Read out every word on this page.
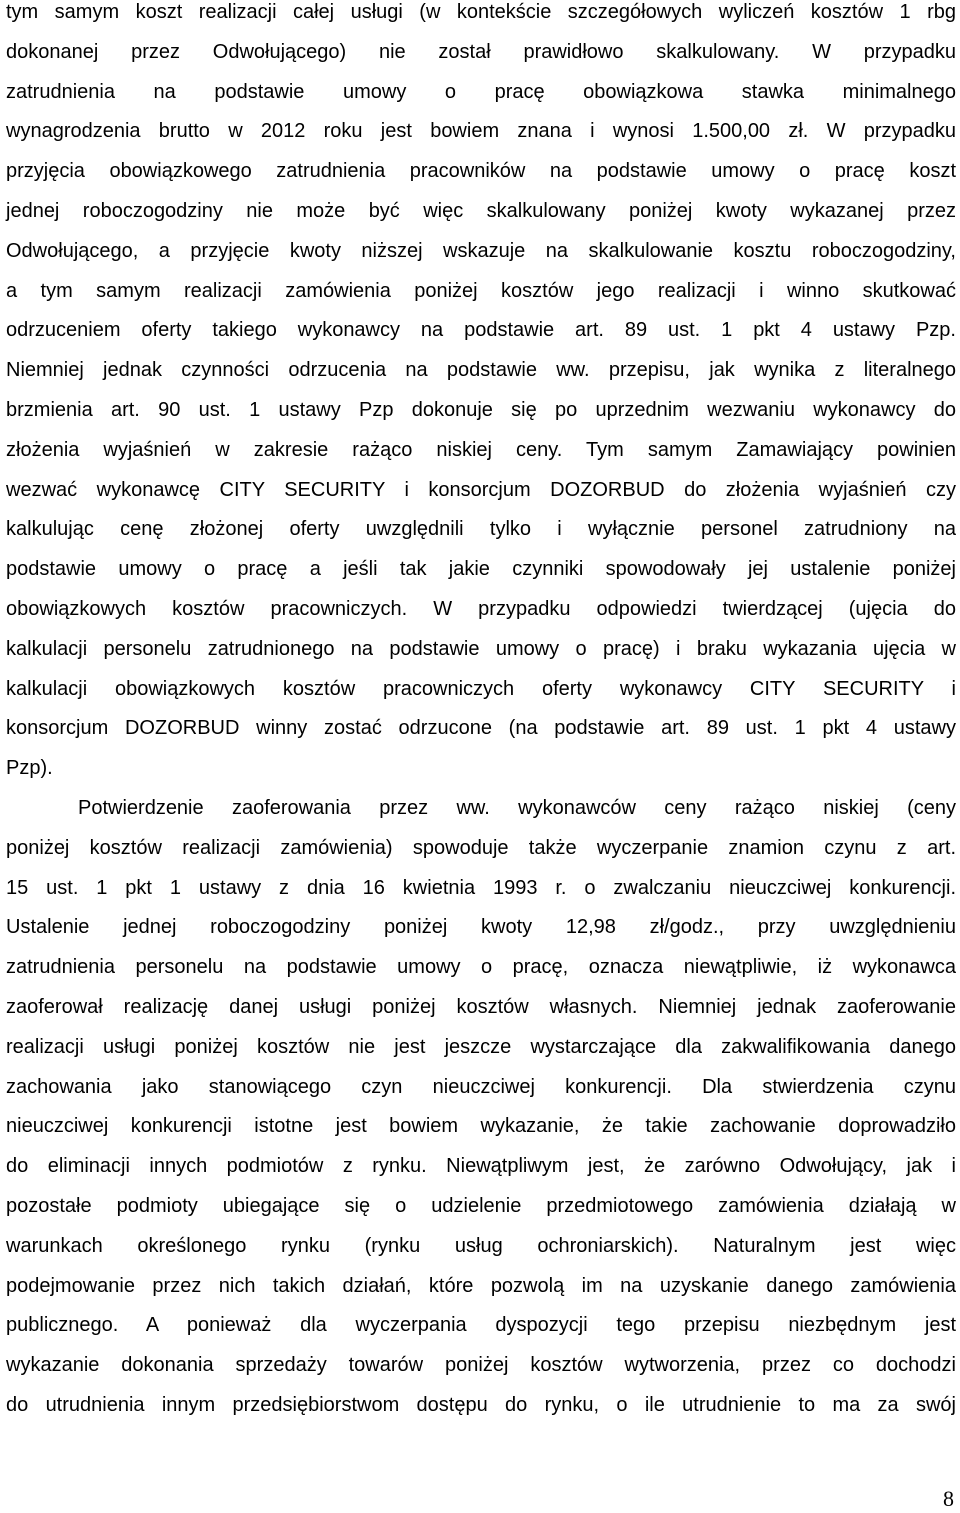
tym samym koszt realizacji całej usługi (w kontekście szczegółowych wyliczeń kosztów 1 rbg
dokonanej przez Odwołującego) nie został prawidłowo skalkulowany. W przypadku
zatrudnienia na podstawie umowy o pracę obowiązkowa stawka minimalnego
wynagrodzenia brutto w 2012 roku jest bowiem znana i wynosi 1.500,00 zł. W przypadku
przyjęcia obowiązkowego zatrudnienia pracowników na podstawie umowy o pracę koszt
jednej roboczogodziny nie może być więc skalkulowany poniżej kwoty wykazanej przez
Odwołującego, a przyjęcie kwoty niższej wskazuje na skalkulowanie kosztu roboczogodziny,
a tym samym realizacji zamówienia poniżej kosztów jego realizacji i winno skutkować
odrzuceniem oferty takiego wykonawcy na podstawie art. 89 ust. 1 pkt 4 ustawy Pzp.
Niemniej jednak czynności odrzucenia na podstawie ww. przepisu, jak wynika z literalnego
brzmienia art. 90 ust. 1 ustawy Pzp dokonuje się po uprzednim wezwaniu wykonawcy do
złożenia wyjaśnień w zakresie rażąco niskiej ceny. Tym samym Zamawiający powinien
wezwać wykonawcę CITY SECURITY i konsorcjum DOZORBUD do złożenia wyjaśnień czy
kalkulując cenę złożonej oferty uwzględnili tylko i wyłącznie personel zatrudniony na
podstawie umowy o pracę a jeśli tak jakie czynniki spowodowały jej ustalenie poniżej
obowiązkowych kosztów pracowniczych. W przypadku odpowiedzi twierdzącej (ujęcia do
kalkulacji personelu zatrudnionego na podstawie umowy o pracę) i braku wykazania ujęcia w
kalkulacji obowiązkowych kosztów pracowniczych oferty wykonawcy CITY SECURITY i
konsorcjum DOZORBUD winny zostać odrzucone (na podstawie art. 89 ust. 1 pkt 4 ustawy
Pzp).
Potwierdzenie zaoferowania przez ww. wykonawców ceny rażąco niskiej (ceny
poniżej kosztów realizacji zamówienia) spowoduje także wyczerpanie znamion czynu z art.
15 ust. 1 pkt 1 ustawy z dnia 16 kwietnia 1993 r. o zwalczaniu nieuczciwej konkurencji.
Ustalenie jednej roboczogodziny poniżej kwoty 12,98 zł/godz., przy uwzględnieniu
zatrudnienia personelu na podstawie umowy o pracę, oznacza niewątpliwie, iż wykonawca
zaoferował realizację danej usługi poniżej kosztów własnych. Niemniej jednak zaoferowanie
realizacji usługi poniżej kosztów nie jest jeszcze wystarczające dla zakwalifikowania danego
zachowania jako stanowiącego czyn nieuczciwej konkurencji. Dla stwierdzenia czynu
nieuczciwej konkurencji istotne jest bowiem wykazanie, że takie zachowanie doprowadziło
do eliminacji innych podmiotów z rynku. Niewątpliwym jest, że zarówno Odwołujący, jak i
pozostałe podmioty ubiegające się o udzielenie przedmiotowego zamówienia działają w
warunkach określonego rynku (rynku usług ochroniarskich). Naturalnym jest więc
podejmowanie przez nich takich działań, które pozwolą im na uzyskanie danego zamówienia
publicznego. A ponieważ dla wyczerpania dyspozycji tego przepisu niezbędnym jest
wykazanie dokonania sprzedaży towarów poniżej kosztów wytworzenia, przez co dochodzi
do utrudnienia innym przedsiębiorstwom dostępu do rynku, o ile utrudnienie to ma za swój
8
